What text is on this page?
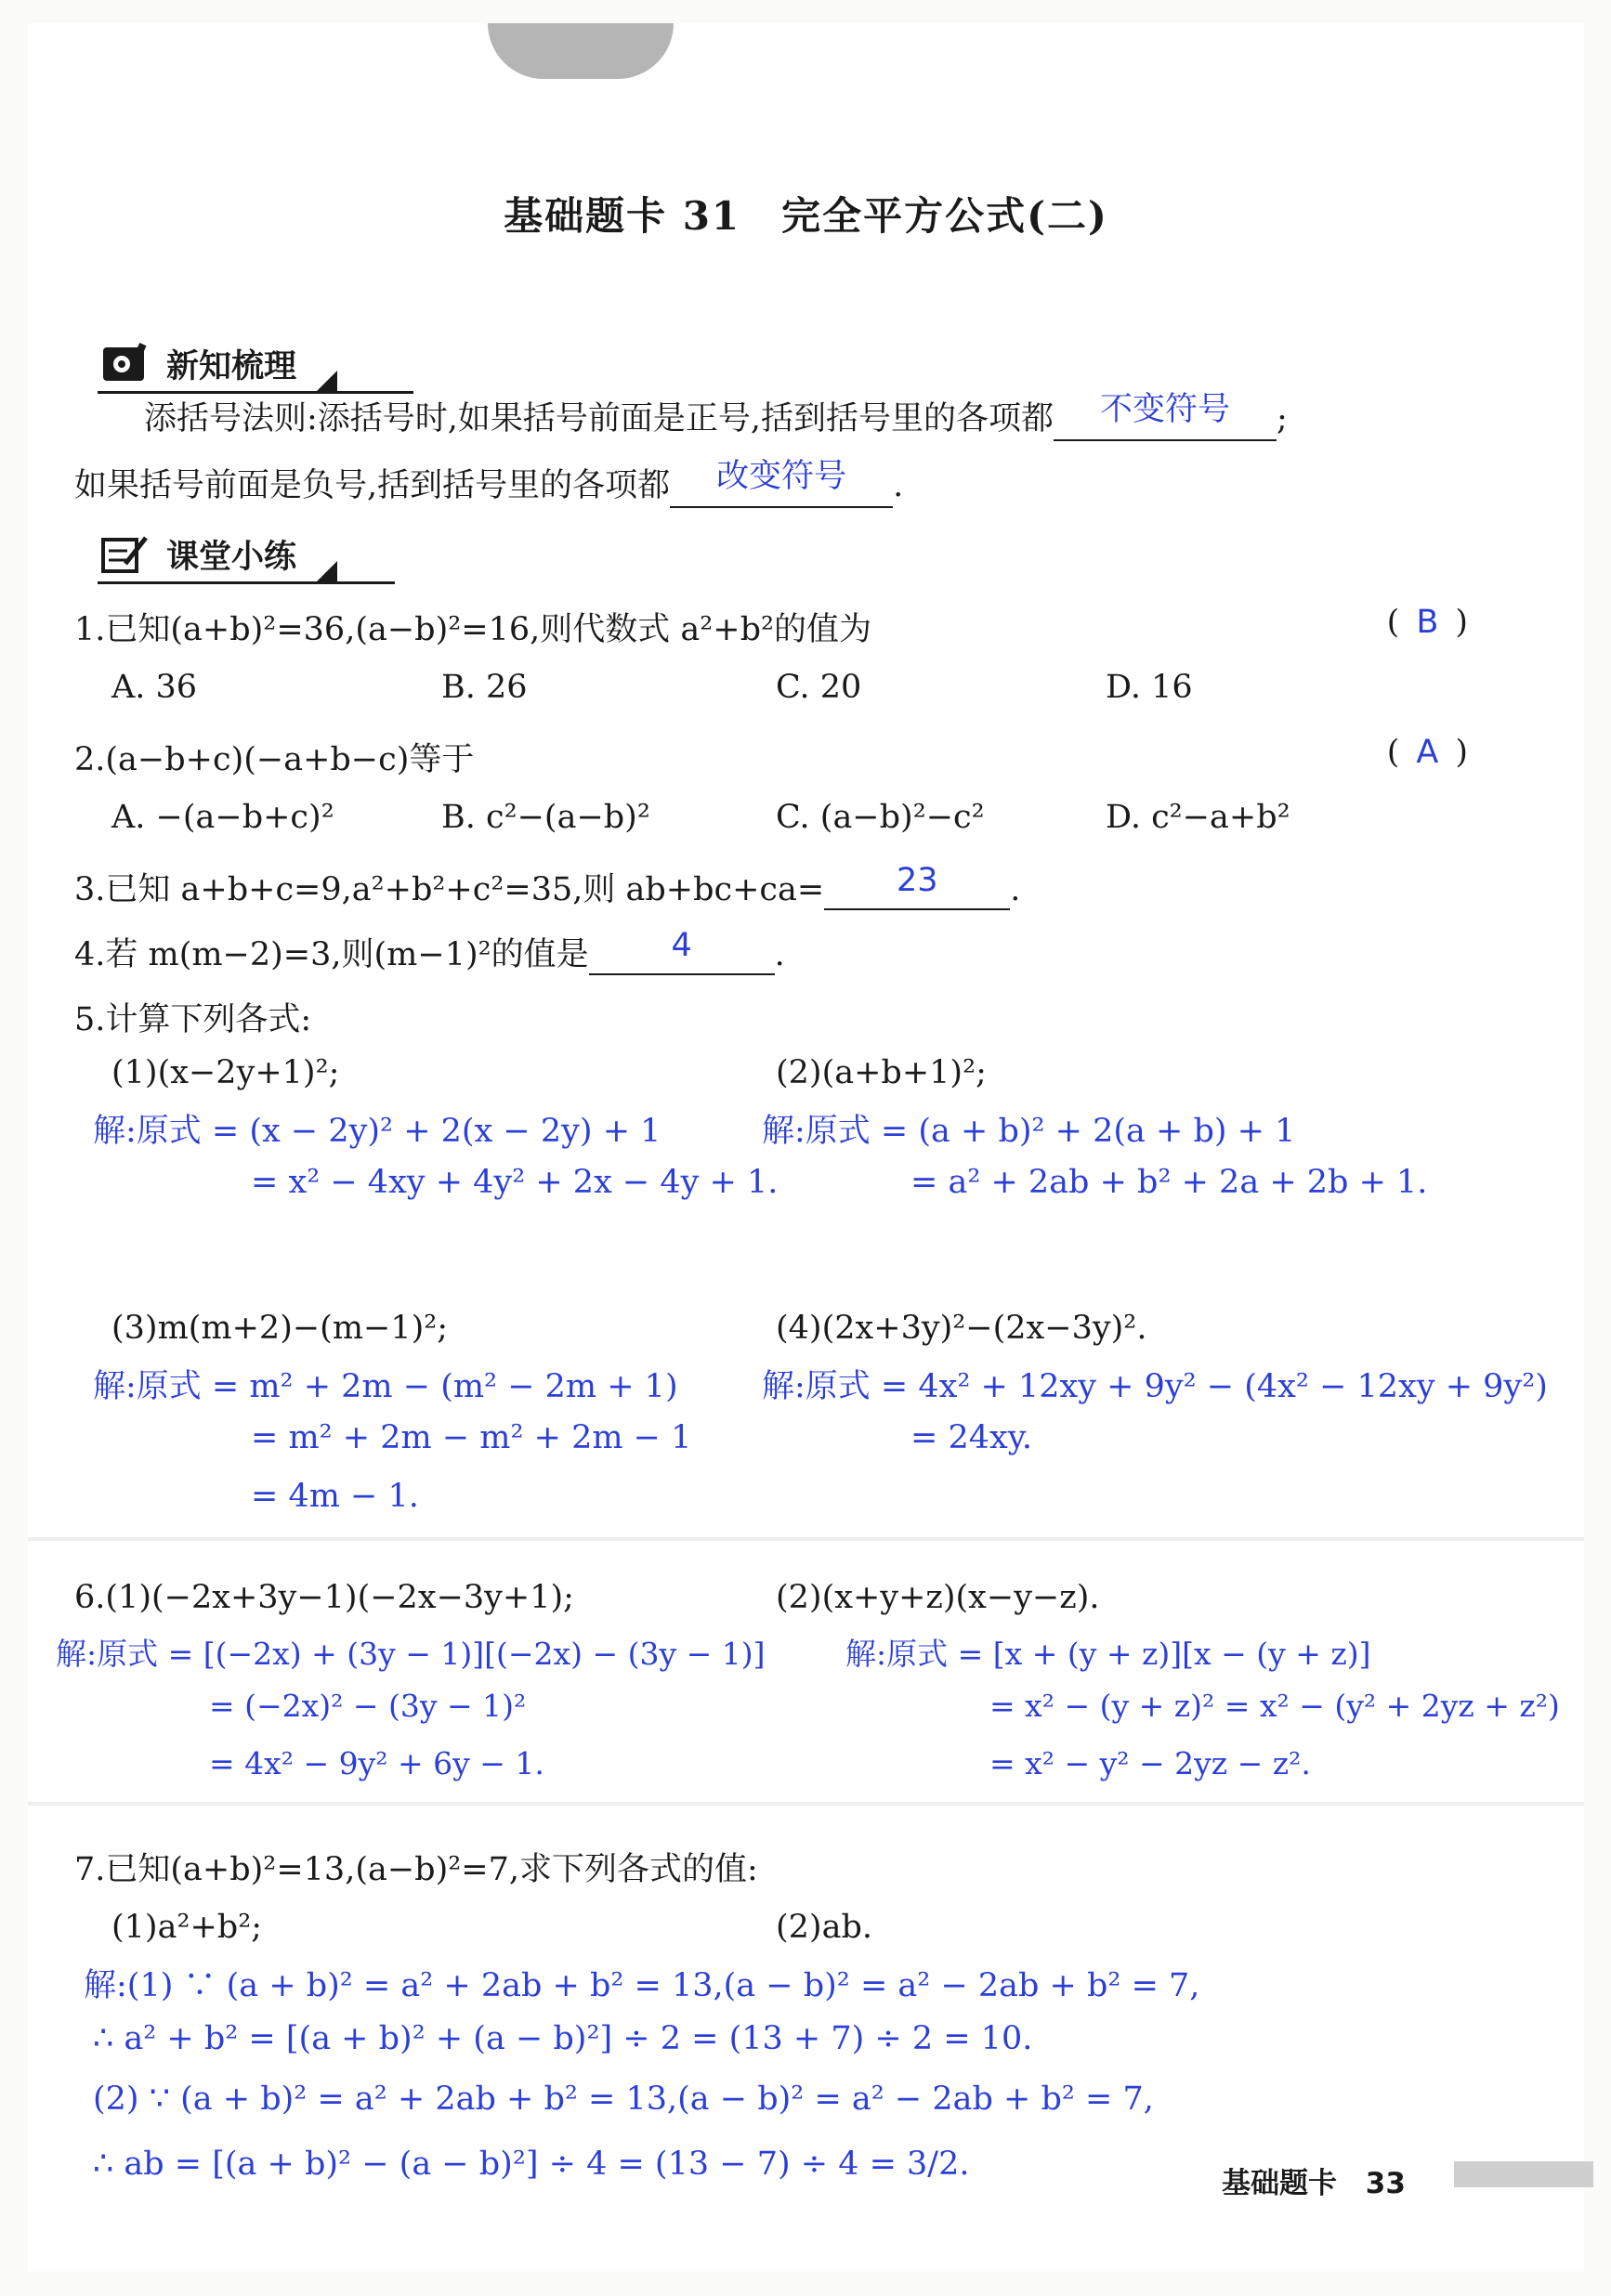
基础题卡 31　完全平方公式(二)
新知梳理
添括号法则:添括号时,如果括号前面是正号,括到括号里的各项都 不变符号 ;
如果括号前面是负号,括到括号里的各项都 改变符号 .
课堂小练
1.已知(a+b)²=36,(a−b)²=16,则代数式 a²+b²的值为	( B )
A. 36	B. 26	C. 20	D. 16
2.(a−b+c)(−a+b−c)等于	( A )
A. −(a−b+c)²	B. c²−(a−b)²	C. (a−b)²−c²	D. c²−a+b²
3.已知 a+b+c=9,a²+b²+c²=35,则 ab+bc+ca= 23 .
4.若 m(m−2)=3,则(m−1)²的值是	4	.
5.计算下列各式:
(1)(x−2y+1)²;	(2)(a+b+1)²;
解:原式 = (x − 2y)² + 2(x − 2y) + 1
= x² − 4xy + 4y² + 2x − 4y + 1.
解:原式 = (a + b)² + 2(a + b) + 1
= a² + 2ab + b² + 2a + 2b + 1.
(3)m(m+2)−(m−1)²;	(4)(2x+3y)²−(2x−3y)².
解:原式 = m² + 2m − (m² − 2m + 1)
= m² + 2m − m² + 2m − 1
= 4m − 1.
解:原式 = 4x² + 12xy + 9y² − (4x² − 12xy + 9y²)
= 24xy.
6.(1)(−2x+3y−1)(−2x−3y+1);	(2)(x+y+z)(x−y−z).
解:原式 = [(−2x) + (3y − 1)][(−2x) − (3y − 1)]
= (−2x)² − (3y − 1)²
= 4x² − 9y² + 6y − 1.
解:原式 = [x + (y + z)][x − (y + z)]
= x² − (y + z)² = x² − (y² + 2yz + z²)
= x² − y² − 2yz − z².
7.已知(a+b)²=13,(a−b)²=7,求下列各式的值:
(1)a²+b²;	(2)ab.
解:(1) ∵ (a + b)² = a² + 2ab + b² = 13,(a − b)² = a² − 2ab + b² = 7,
∴ a² + b² = [(a + b)² + (a − b)²] ÷ 2 = (13 + 7) ÷ 2 = 10.
(2) ∵ (a + b)² = a² + 2ab + b² = 13,(a − b)² = a² − 2ab + b² = 7,
∴ ab = [(a + b)² − (a − b)²] ÷ 4 = (13 − 7) ÷ 4 = 3/2.
基础题卡 33
